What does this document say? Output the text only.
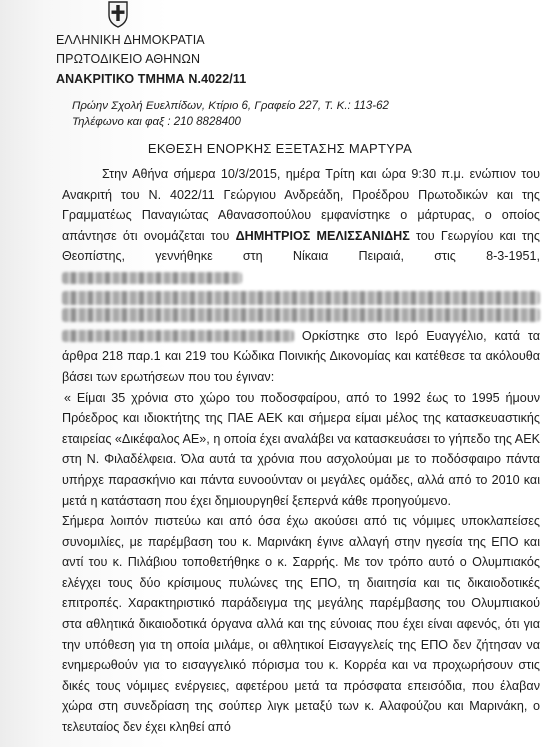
ΕΛΛΗΝΙΚΗ ΔΗΜΟΚΡΑΤΙΑ
ΠΡΩΤΟΔΙΚΕΙΟ ΑΘΗΝΩΝ
ΑΝΑΚΡΙΤΙΚΟ ΤΜΗΜΑ Ν.4022/11
Πρώην Σχολή Ευελπίδων, Κτίριο 6, Γραφείο 227, Τ. Κ.: 113-62
Τηλέφωνο και φαξ : 210 8828400
ΕΚΘΕΣΗ ΕΝΟΡΚΗΣ ΕΞΕΤΑΣΗΣ ΜΑΡΤΥΡΑ

Στην Αθήνα σήμερα 10/3/2015, ημέρα Τρίτη και ώρα 9:30 π.μ. ενώπιον του Ανακριτή του Ν. 4022/11 Γεώργιου Ανδρεάδη, Προέδρου Πρωτοδικών και της Γραμματέως Παναγιώτας Αθανασοπούλου εμφανίστηκε ο μάρτυρας, ο οποίος απάντησε ότι ονομάζεται του ΔΗΜΗΤΡΙΟΣ ΜΕΛΙΣΣΑΝΙΔΗΣ του Γεωργίου και της Θεοπίστης, γεννήθηκε στη Νίκαια Πειραιά, στις 8-3-1951,
Ορκίστηκε στο Ιερό Ευαγγέλιο, κατά τα άρθρα 218 παρ.1 και 219 του Κώδικα Ποινικής Δικονομίας και κατέθεσε τα ακόλουθα βάσει των ερωτήσεων που του έγιναν:

« Είμαι 35 χρόνια στο χώρο του ποδοσφαίρου, από το 1992 έως το 1995 ήμουν Πρόεδρος και ιδιοκτήτης της ΠΑΕ ΑΕΚ και σήμερα είμαι μέλος της κατασκευαστικής εταιρείας «Δικέφαλος ΑΕ», η οποία έχει αναλάβει να κατασκευάσει το γήπεδο της ΑΕΚ στη Ν. Φιλαδέλφεια. Όλα αυτά τα χρόνια που ασχολούμαι με το ποδόσφαιρο πάντα υπήρχε παρασκήνιο και πάντα ευνοούνταν οι μεγάλες ομάδες, αλλά από το 2010 και μετά η κατάσταση που έχει δημιουργηθεί ξεπερνά κάθε προηγούμενο.

Σήμερα λοιπόν πιστεύω και από όσα έχω ακούσει από τις νόμιμες υποκλαπείσες συνομιλίες, με παρέμβαση του κ. Μαρινάκη έγινε αλλαγή στην ηγεσία της ΕΠΟ και αντί του κ. Πιλάβιου τοποθετήθηκε ο κ. Σαρρής. Με τον τρόπο αυτό ο Ολυμπιακός ελέγχει τους δύο κρίσιμους πυλώνες της ΕΠΟ, τη διαιτησία και τις δικαιοδοτικές επιτροπές. Χαρακτηριστικό παράδειγμα της μεγάλης παρέμβασης του Ολυμπιακού στα αθλητικά δικαιοδοτικά όργανα αλλά και της εύνοιας που έχει είναι αφενός, ότι για την υπόθεση για τη οποία μιλάμε, οι αθλητικοί Εισαγγελείς της ΕΠΟ δεν ζήτησαν να ενημερωθούν για το εισαγγελικό πόρισμα του κ. Κορρέα και να προχωρήσουν στις δικές τους νόμιμες ενέργειες, αφετέρου μετά τα πρόσφατα επεισόδια, που έλαβαν χώρα στη συνεδρίαση της σούπερ λιγκ μεταξύ των κ. Αλαφούζου και Μαρινάκη, ο τελευταίος δεν έχει κληθεί από
